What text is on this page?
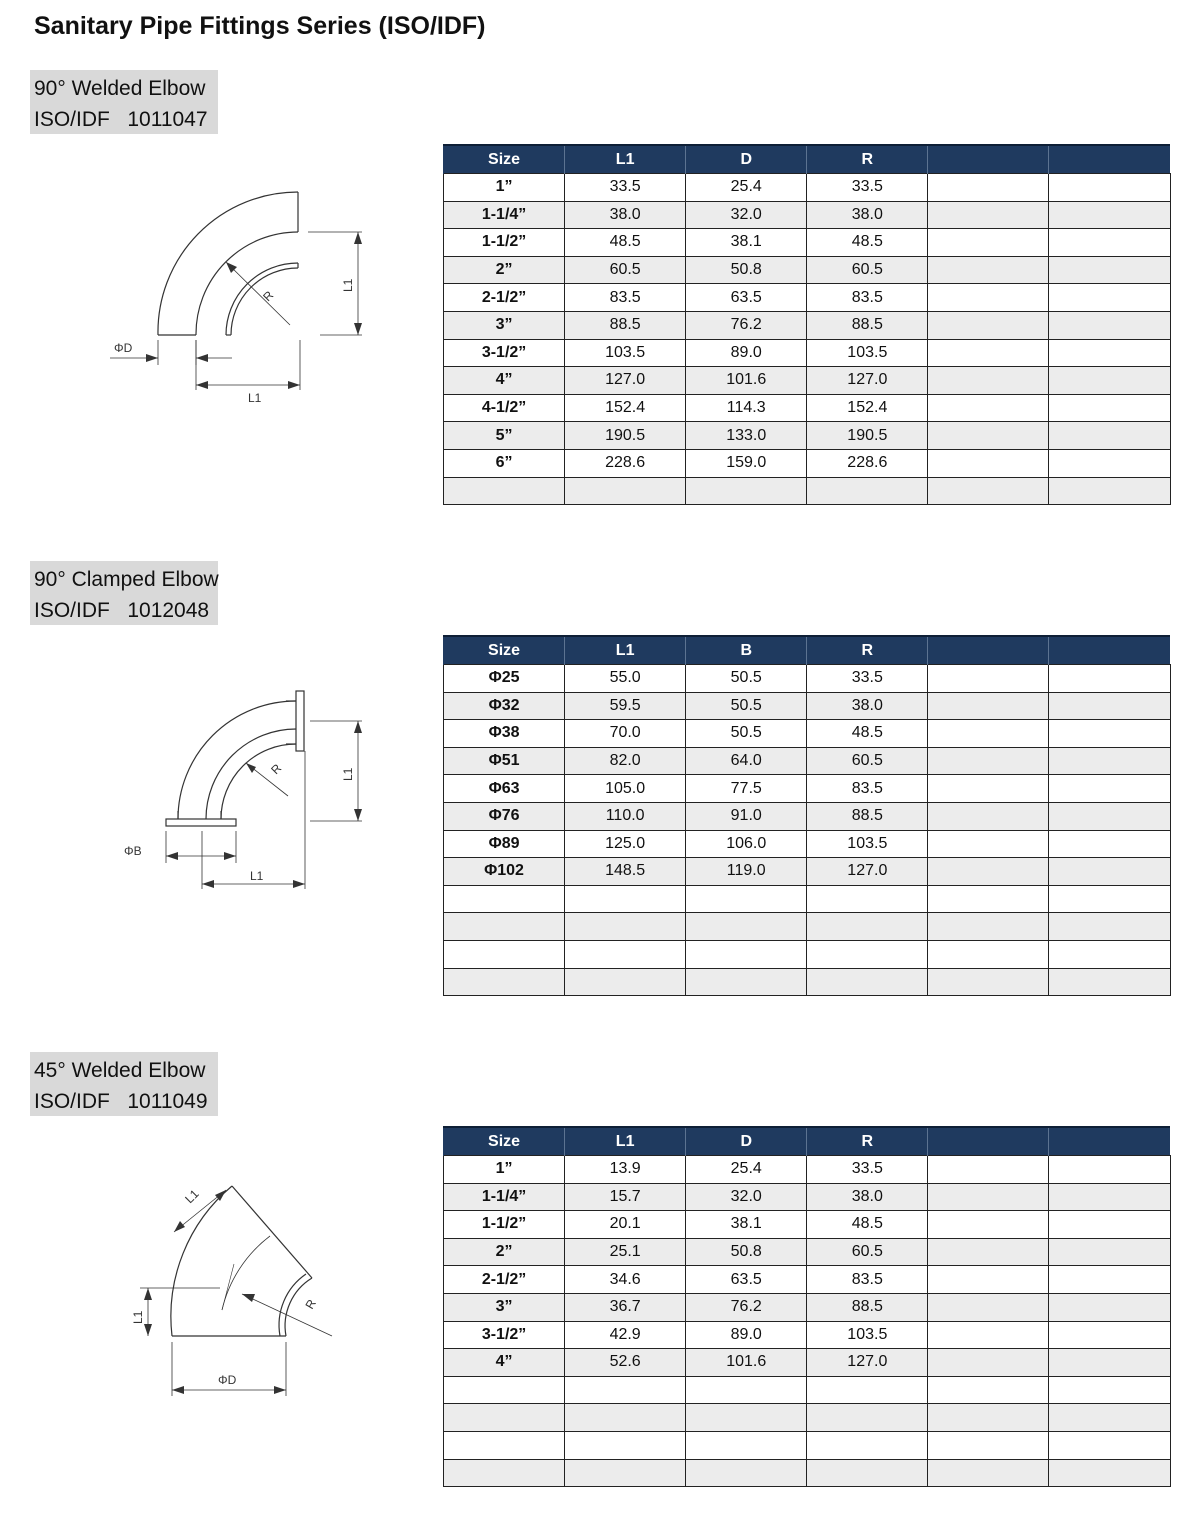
Sanitary Pipe Fittings Series (ISO/IDF)
90° Welded Elbow
ISO/IDF   1011047
ΦD
L1
L1
R
Size	L1	D	R		
1”	33.5	25.4	33.5		
1-1/4”	38.0	32.0	38.0		
1-1/2”	48.5	38.1	48.5		
2”	60.5	50.8	60.5		
2-1/2”	83.5	63.5	83.5		
3”	88.5	76.2	88.5		
3-1/2”	103.5	89.0	103.5		
4”	127.0	101.6	127.0		
4-1/2”	152.4	114.3	152.4		
5”	190.5	133.0	190.5		
6”	228.6	159.0	228.6		

90° Clamped Elbow
ISO/IDF   1012048
ΦB
L1
L1
R
Size	L1	B	R		
Φ25	55.0	50.5	33.5		
Φ32	59.5	50.5	38.0		
Φ38	70.0	50.5	48.5		
Φ51	82.0	64.0	60.5		
Φ63	105.0	77.5	83.5		
Φ76	110.0	91.0	88.5		
Φ89	125.0	106.0	103.5		
Φ102	148.5	119.0	127.0		

45° Welded Elbow
ISO/IDF   1011049
ΦD
L1
L1
R
Size	L1	D	R		
1”	13.9	25.4	33.5		
1-1/4”	15.7	32.0	38.0		
1-1/2”	20.1	38.1	48.5		
2”	25.1	50.8	60.5		
2-1/2”	34.6	63.5	83.5		
3”	36.7	76.2	88.5		
3-1/2”	42.9	89.0	103.5		
4”	52.6	101.6	127.0		
